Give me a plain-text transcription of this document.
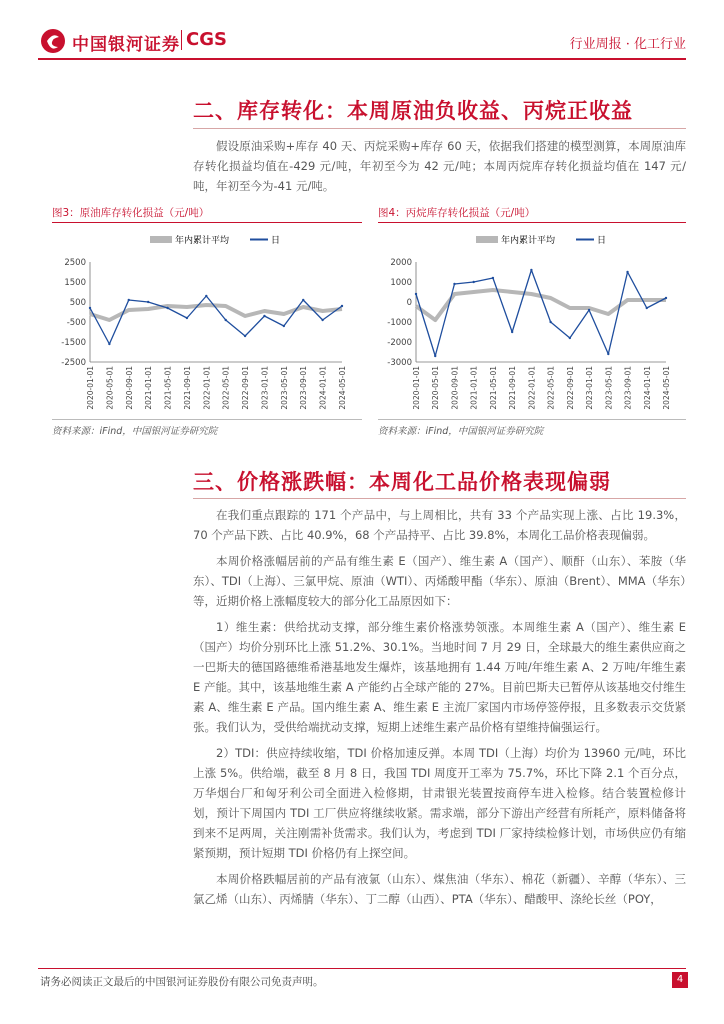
中国银河证券 CGS	行业周报 · 化工行业
二、库存转化：本周原油负收益、丙烷正收益

假设原油采购+库存 40 天、丙烷采购+库存 60 天，依据我们搭建的模型测算，本周原油库存转化损益均值在-429 元/吨，年初至今为 42 元/吨；本周丙烷库存转化损益均值在 147 元/吨，年初至今为-41 元/吨。

图3：原油库存转化损益（元/吨）
年内累计平均	日
2500
1500
500
-500
-1500
-2500
2020-01-01 2020-05-01 2020-09-01 2021-01-01 2021-05-01 2021-09-01 2022-01-01 2022-05-01 2022-09-01 2023-01-01 2023-05-01 2023-09-01 2024-01-01 2024-05-01
资料来源：iFind，中国银河证券研究院
图4：丙烷库存转化损益（元/吨）
年内累计平均	日
2000
1000
0
-1000
-2000
-3000
2020-01-01 2020-05-01 2020-09-01 2021-01-01 2021-05-01 2021-09-01 2022-01-01 2022-05-01 2022-09-01 2023-01-01 2023-05-01 2023-09-01 2024-01-01 2024-05-01
资料来源：iFind，中国银河证券研究院
三、价格涨跌幅：本周化工品价格表现偏弱

在我们重点跟踪的 171 个产品中，与上周相比，共有 33 个产品实现上涨、占比 19.3%，70 个产品下跌、占比 40.9%，68 个产品持平、占比 39.8%，本周化工品价格表现偏弱。

本周价格涨幅居前的产品有维生素 E（国产）、维生素 A（国产）、顺酐（山东）、苯胺（华东）、TDI（上海）、三氯甲烷、原油（WTI）、丙烯酸甲酯（华东）、原油（Brent）、MMA（华东）等，近期价格上涨幅度较大的部分化工品原因如下：

1）维生素：供给扰动支撑，部分维生素价格涨势领涨。本周维生素 A（国产）、维生素 E（国产）均价分别环比上涨 51.2%、30.1%。当地时间 7 月 29 日，全球最大的维生素供应商之一巴斯夫的德国路德维希港基地发生爆炸，该基地拥有 1.44 万吨/年维生素 A、2 万吨/年维生素 E 产能。其中，该基地维生素 A 产能约占全球产能的 27%。目前巴斯夫已暂停从该基地交付维生素 A、维生素 E 产品。国内维生素 A、维生素 E 主流厂家国内市场停签停报，且多数表示交货紧张。我们认为，受供给端扰动支撑，短期上述维生素产品价格有望维持偏强运行。

2）TDI：供应持续收缩，TDI 价格加速反弹。本周 TDI（上海）均价为 13960 元/吨，环比上涨 5%。供给端，截至 8 月 8 日，我国 TDI 周度开工率为 75.7%，环比下降 2.1 个百分点，万华烟台厂和匈牙利公司全面进入检修期，甘肃银光装置按商停车进入检修。结合装置检修计划，预计下周国内 TDI 工厂供应将继续收紧。需求端，部分下游出产经营有所耗产，原料储备将到来不足两周，关注刚需补货需求。我们认为，考虑到 TDI 厂家持续检修计划，市场供应仍有缩紧预期，预计短期 TDI 价格仍有上探空间。

本周价格跌幅居前的产品有液氯（山东）、煤焦油（华东）、棉花（新疆）、辛醇（华东）、三氯乙烯（山东）、丙烯腈（华东）、丁二醇（山西）、PTA（华东）、醋酸甲、涤纶长丝（POY，

请务必阅读正文最后的中国银河证券股份有限公司免责声明。	4
